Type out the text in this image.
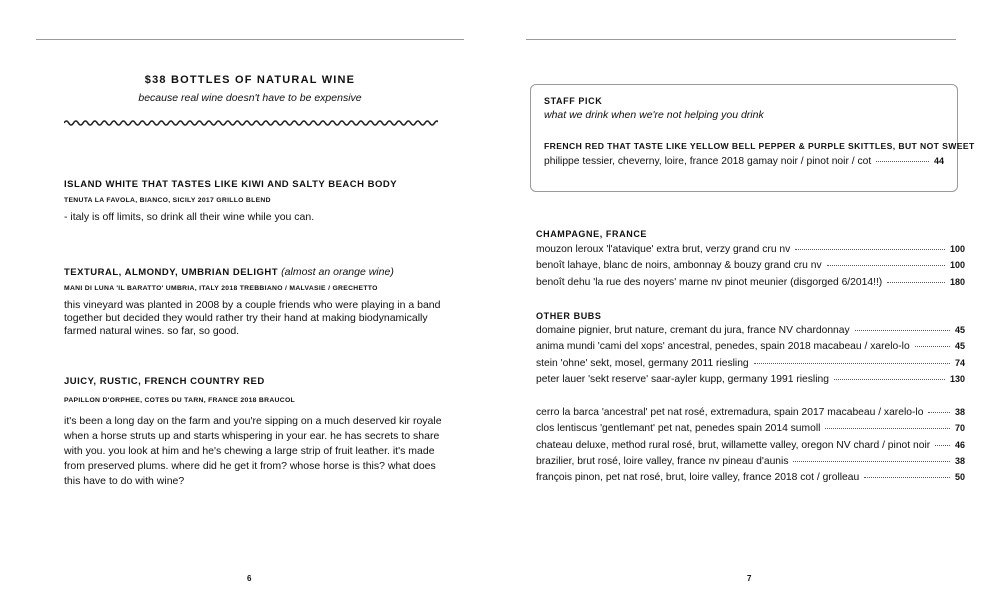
$38 BOTTLES OF NATURAL WINE
because real wine doesn't have to be expensive
ISLAND WHITE THAT TASTES LIKE KIWI AND SALTY BEACH BODY
TENUTA LA FAVOLA, BIANCO, SICILY 2017 GRILLO BLEND
- italy is off limits, so drink all their wine while you can.
TEXTURAL, ALMONDY, UMBRIAN DELIGHT (almost an orange wine)
MANI DI LUNA 'IL BARATTO' UMBRIA, ITALY 2018 TREBBIANO / MALVASIE / GRECHETTO
this vineyard was planted in 2008 by a couple friends who were playing in a band together but decided they would rather try their hand at making biodynamically farmed natural wines. so far, so good.
JUICY, RUSTIC, FRENCH COUNTRY RED
PAPILLON D'ORPHEE, COTES DU TARN, FRANCE 2018 BRAUCOL
it's been a long day on the farm and you're sipping on a much deserved kir royale when a horse struts up and starts whispering in your ear. he has secrets to share with you. you look at him and he's chewing a large strip of fruit leather. it's made from preserved plums. where did he get it from? whose horse is this? what does this have to do with wine?
6
STAFF PICK
what we drink when we're not helping you drink
FRENCH RED THAT TASTE LIKE YELLOW BELL PEPPER & PURPLE SKITTLES, BUT NOT SWEET
philippe tessier, cheverny, loire, france 2018 gamay noir / pinot noir / cot	44
CHAMPAGNE, FRANCE
mouzon leroux 'l'atavique' extra brut, verzy grand cru nv	100
benoît lahaye, blanc de noirs, ambonnay & bouzy grand cru nv	100
benoît dehu 'la rue des noyers' marne nv pinot meunier (disgorged 6/2014!!)	180
OTHER BUBS
domaine pignier, brut nature, cremant du jura, france NV chardonnay	45
anima mundi 'cami del xops' ancestral, penedes, spain 2018 macabeau / xarelo-lo	45
stein 'ohne' sekt, mosel, germany 2011 riesling	74
peter lauer 'sekt reserve' saar-ayler kupp, germany 1991 riesling	130
cerro la barca 'ancestral' pet nat rosé, extremadura, spain 2017 macabeau / xarelo-lo	38
clos lentiscus 'gentlemant' pet nat, penedes spain 2014 sumoll	70
chateau deluxe, method rural rosé, brut, willamette valley, oregon NV chard / pinot noir	46
brazilier, brut rosé, loire valley, france nv pineau d'aunis	38
françois pinon, pet nat rosé, brut, loire valley, france 2018 cot / grolleau	50
7
